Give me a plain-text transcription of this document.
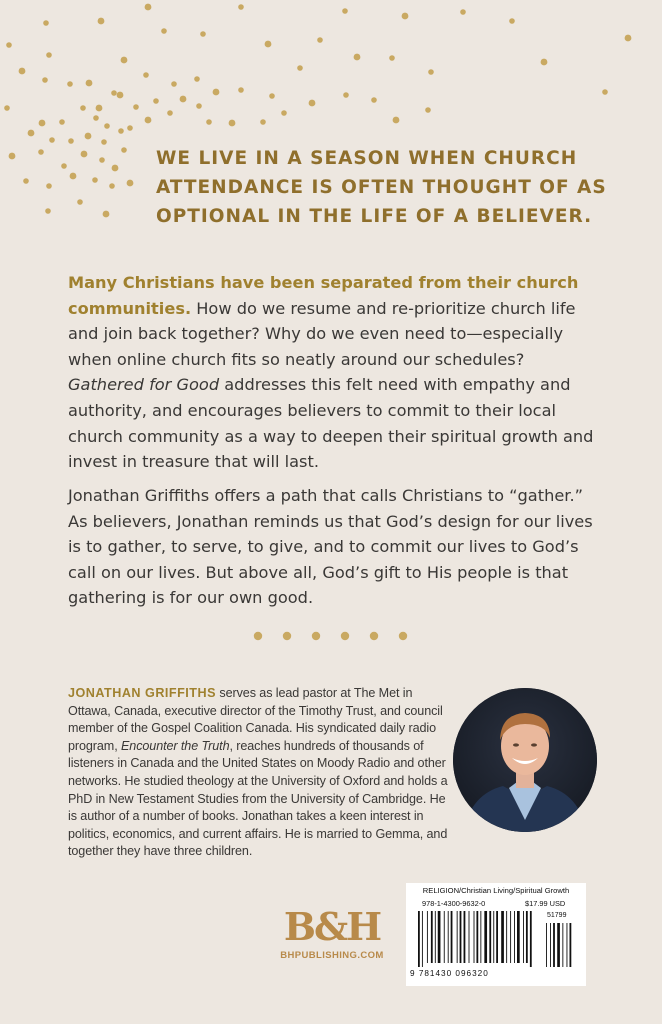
WE LIVE IN A SEASON WHEN CHURCH ATTENDANCE IS OFTEN THOUGHT OF AS OPTIONAL IN THE LIFE OF A BELIEVER.

Many Christians have been separated from their church communities. How do we resume and re-prioritize church life and join back together? Why do we even need to—especially when online church fits so neatly around our schedules? Gathered for Good addresses this felt need with empathy and authority, and encourages believers to commit to their local church community as a way to deepen their spiritual growth and invest in treasure that will last.

Jonathan Griffiths offers a path that calls Christians to “gather.” As believers, Jonathan reminds us that God’s design for our lives is to gather, to serve, to give, and to commit our lives to God’s call on our lives. But above all, God’s gift to His people is that gathering is for our own good.

JONATHAN GRIFFITHS serves as lead pastor at The Met in Ottawa, Canada, executive director of the Timothy Trust, and council member of the Gospel Coalition Canada. His syndicated daily radio program, Encounter the Truth, reaches hundreds of thousands of listeners in Canada and the United States on Moody Radio and other networks. He studied theology at the University of Oxford and holds a PhD in New Testament Studies from the University of Cambridge. He is author of a number of books. Jonathan takes a keen interest in politics, economics, and current affairs. He is married to Gemma, and together they have three children.

B&H
BHPUBLISHING.COM
RELIGION/Christian Living/Spiritual Growth
978-1-4300-9632-0	$17.99 USD
51799
9 781430 096320
